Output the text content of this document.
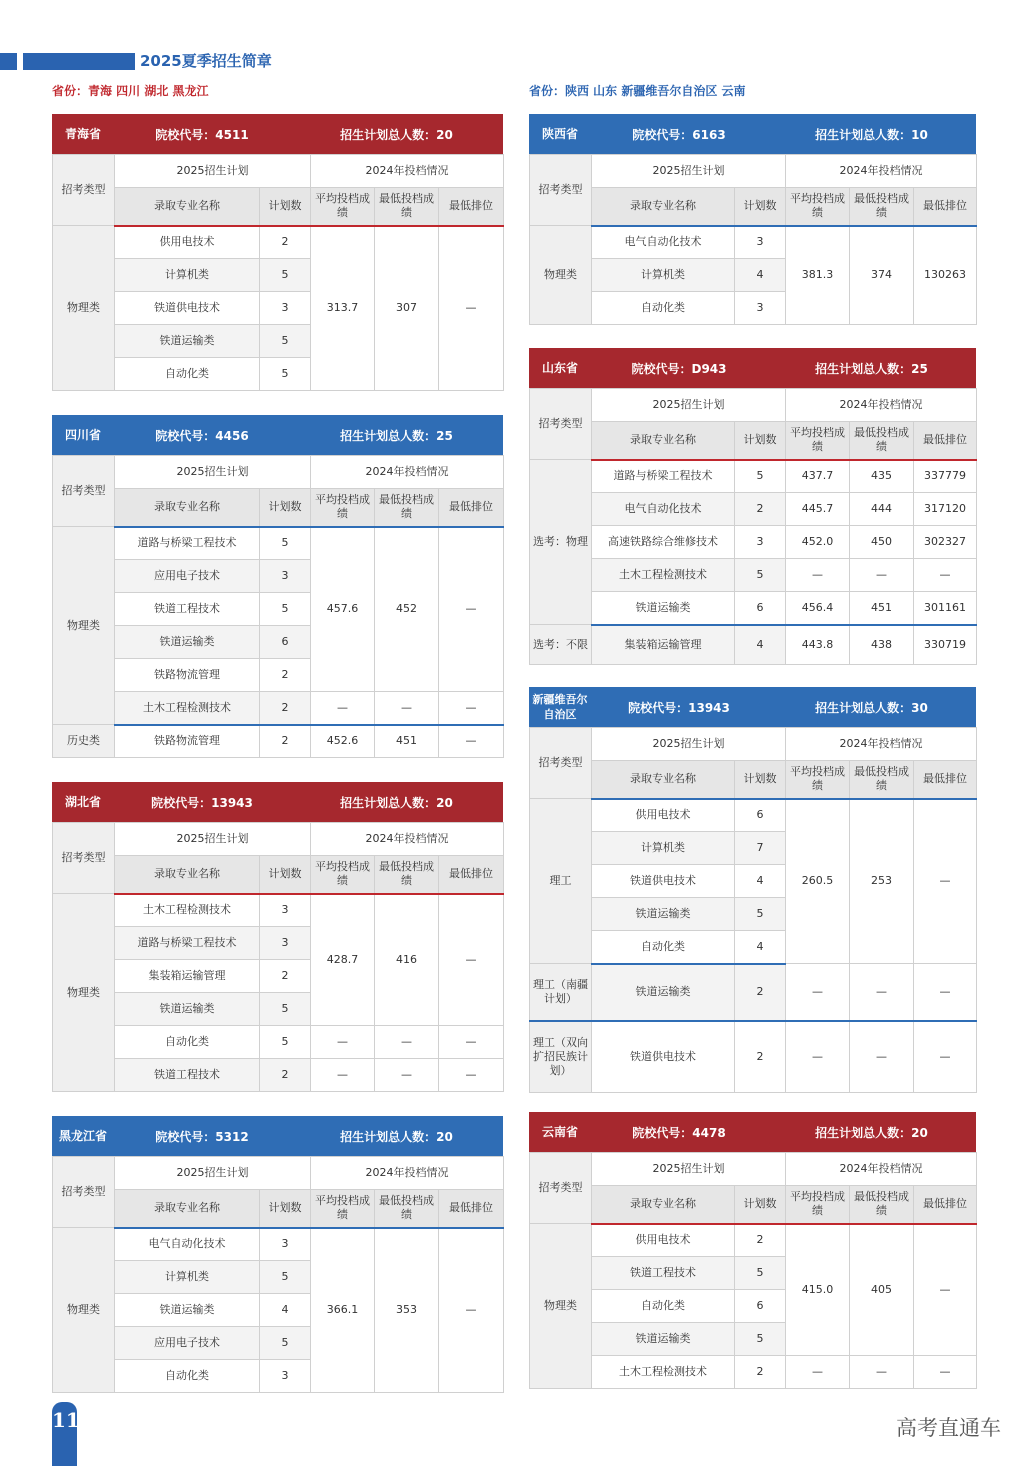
2025夏季招生简章
省份：青海 四川 湖北 黑龙江	省份：陕西 山东 新疆维吾尔自治区 云南
青海省	院校代号：4511	招生计划总人数：20
招考类型	2025招生计划		2024年投档情况		
	录取专业名称	计划数	平均投档成绩	最低投档成绩	最低排位
物理类	供用电技术	2	313.7	307	—
	计算机类	5			
	铁道供电技术	3			
	铁道运输类	5			
	自动化类	5			
四川省	院校代号：4456	招生计划总人数：25
招考类型	2025招生计划		2024年投档情况		
	录取专业名称	计划数	平均投档成绩	最低投档成绩	最低排位
物理类	道路与桥梁工程技术	5	457.6	452	—
	应用电子技术	3			
	铁道工程技术	5			
	铁道运输类	6			
	铁路物流管理	2			
	土木工程检测技术	2	—	—	—
历史类	铁路物流管理	2	452.6	451	—
湖北省	院校代号：13943	招生计划总人数：20
招考类型	2025招生计划		2024年投档情况		
	录取专业名称	计划数	平均投档成绩	最低投档成绩	最低排位
物理类	土木工程检测技术	3	428.7	416	—
	道路与桥梁工程技术	3			
	集装箱运输管理	2			
	铁道运输类	5			
	自动化类	5	—	—	—
	铁道工程技术	2	—	—	—
黑龙江省	院校代号：5312	招生计划总人数：20
招考类型	2025招生计划		2024年投档情况		
	录取专业名称	计划数	平均投档成绩	最低投档成绩	最低排位
物理类	电气自动化技术	3	366.1	353	—
	计算机类	5			
	铁道运输类	4			
	应用电子技术	5			
	自动化类	3			
陕西省	院校代号：6163	招生计划总人数：10
招考类型	2025招生计划		2024年投档情况		
	录取专业名称	计划数	平均投档成绩	最低投档成绩	最低排位
物理类	电气自动化技术	3	381.3	374	130263
	计算机类	4			
	自动化类	3			
山东省	院校代号：D943	招生计划总人数：25
招考类型	2025招生计划		2024年投档情况		
	录取专业名称	计划数	平均投档成绩	最低投档成绩	最低排位
选考：物理	道路与桥梁工程技术	5	437.7	435	337779
	电气自动化技术	2	445.7	444	317120
	高速铁路综合维修技术	3	452.0	450	302327
	土木工程检测技术	5	—	—	—
	铁道运输类	6	456.4	451	301161
选考：不限	集装箱运输管理	4	443.8	438	330719
新疆维吾尔自治区	院校代号：13943	招生计划总人数：30
招考类型	2025招生计划		2024年投档情况		
	录取专业名称	计划数	平均投档成绩	最低投档成绩	最低排位
理工	供用电技术	6	260.5	253	—
	计算机类	7			
	铁道供电技术	4			
	铁道运输类	5			
	自动化类	4			
理工（南疆计划）	铁道运输类	2	—	—	—
理工（双向扩招民族计划）	铁道供电技术	2	—	—	—
云南省	院校代号：4478	招生计划总人数：20
招考类型	2025招生计划		2024年投档情况		
	录取专业名称	计划数	平均投档成绩	最低投档成绩	最低排位
物理类	供用电技术	2	415.0	405	—
	铁道工程技术	5			
	自动化类	6			
	铁道运输类	5			
	土木工程检测技术	2	—	—	—
11	高考直通车
